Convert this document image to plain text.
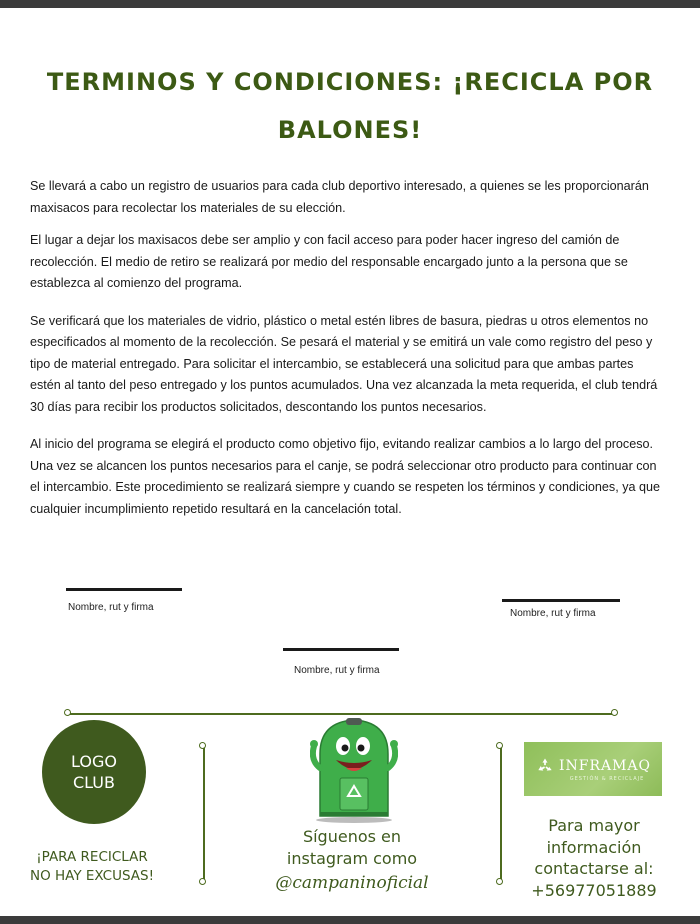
TERMINOS Y CONDICIONES: ¡RECICLA POR BALONES!

Se llevará a cabo un registro de usuarios para cada club deportivo interesado, a quienes se les proporcionarán maxisacos para recolectar los materiales de su elección.

El lugar a dejar los maxisacos debe ser amplio y con facil acceso para poder hacer ingreso del camión de recolección. El medio de retiro se realizará por medio del responsable encargado junto a la persona que se establezca al comienzo del programa.

Se verificará que los materiales de vidrio, plástico o metal estén libres de basura, piedras u otros elementos no especificados al momento de la recolección. Se pesará el material y se emitirá un vale como registro del peso y tipo de material entregado. Para solicitar el intercambio, se establecerá una solicitud para que ambas partes estén al tanto del peso entregado y los puntos acumulados. Una vez alcanzada la meta requerida, el club tendrá 30 días para recibir los productos solicitados, descontando los puntos necesarios.

Al inicio del programa se elegirá el producto como objetivo fijo, evitando realizar cambios a lo largo del proceso. Una vez se alcancen los puntos necesarios para el canje, se podrá seleccionar otro producto para continuar con el intercambio. Este procedimiento se realizará siempre y cuando se respeten los términos y condiciones, ya que cualquier incumplimiento repetido resultará en la cancelación total.

Nombre, rut y firma
Nombre, rut y firma
Nombre, rut y firma
LOGO
CLUB
¡PARA RECICLAR
NO HAY EXCUSAS!
Síguenos en
instagram como
@campaninoficial
INFRAMAQ
GESTIÓN & RECICLAJE
Para mayor
información
contactarse al:
+56977051889
